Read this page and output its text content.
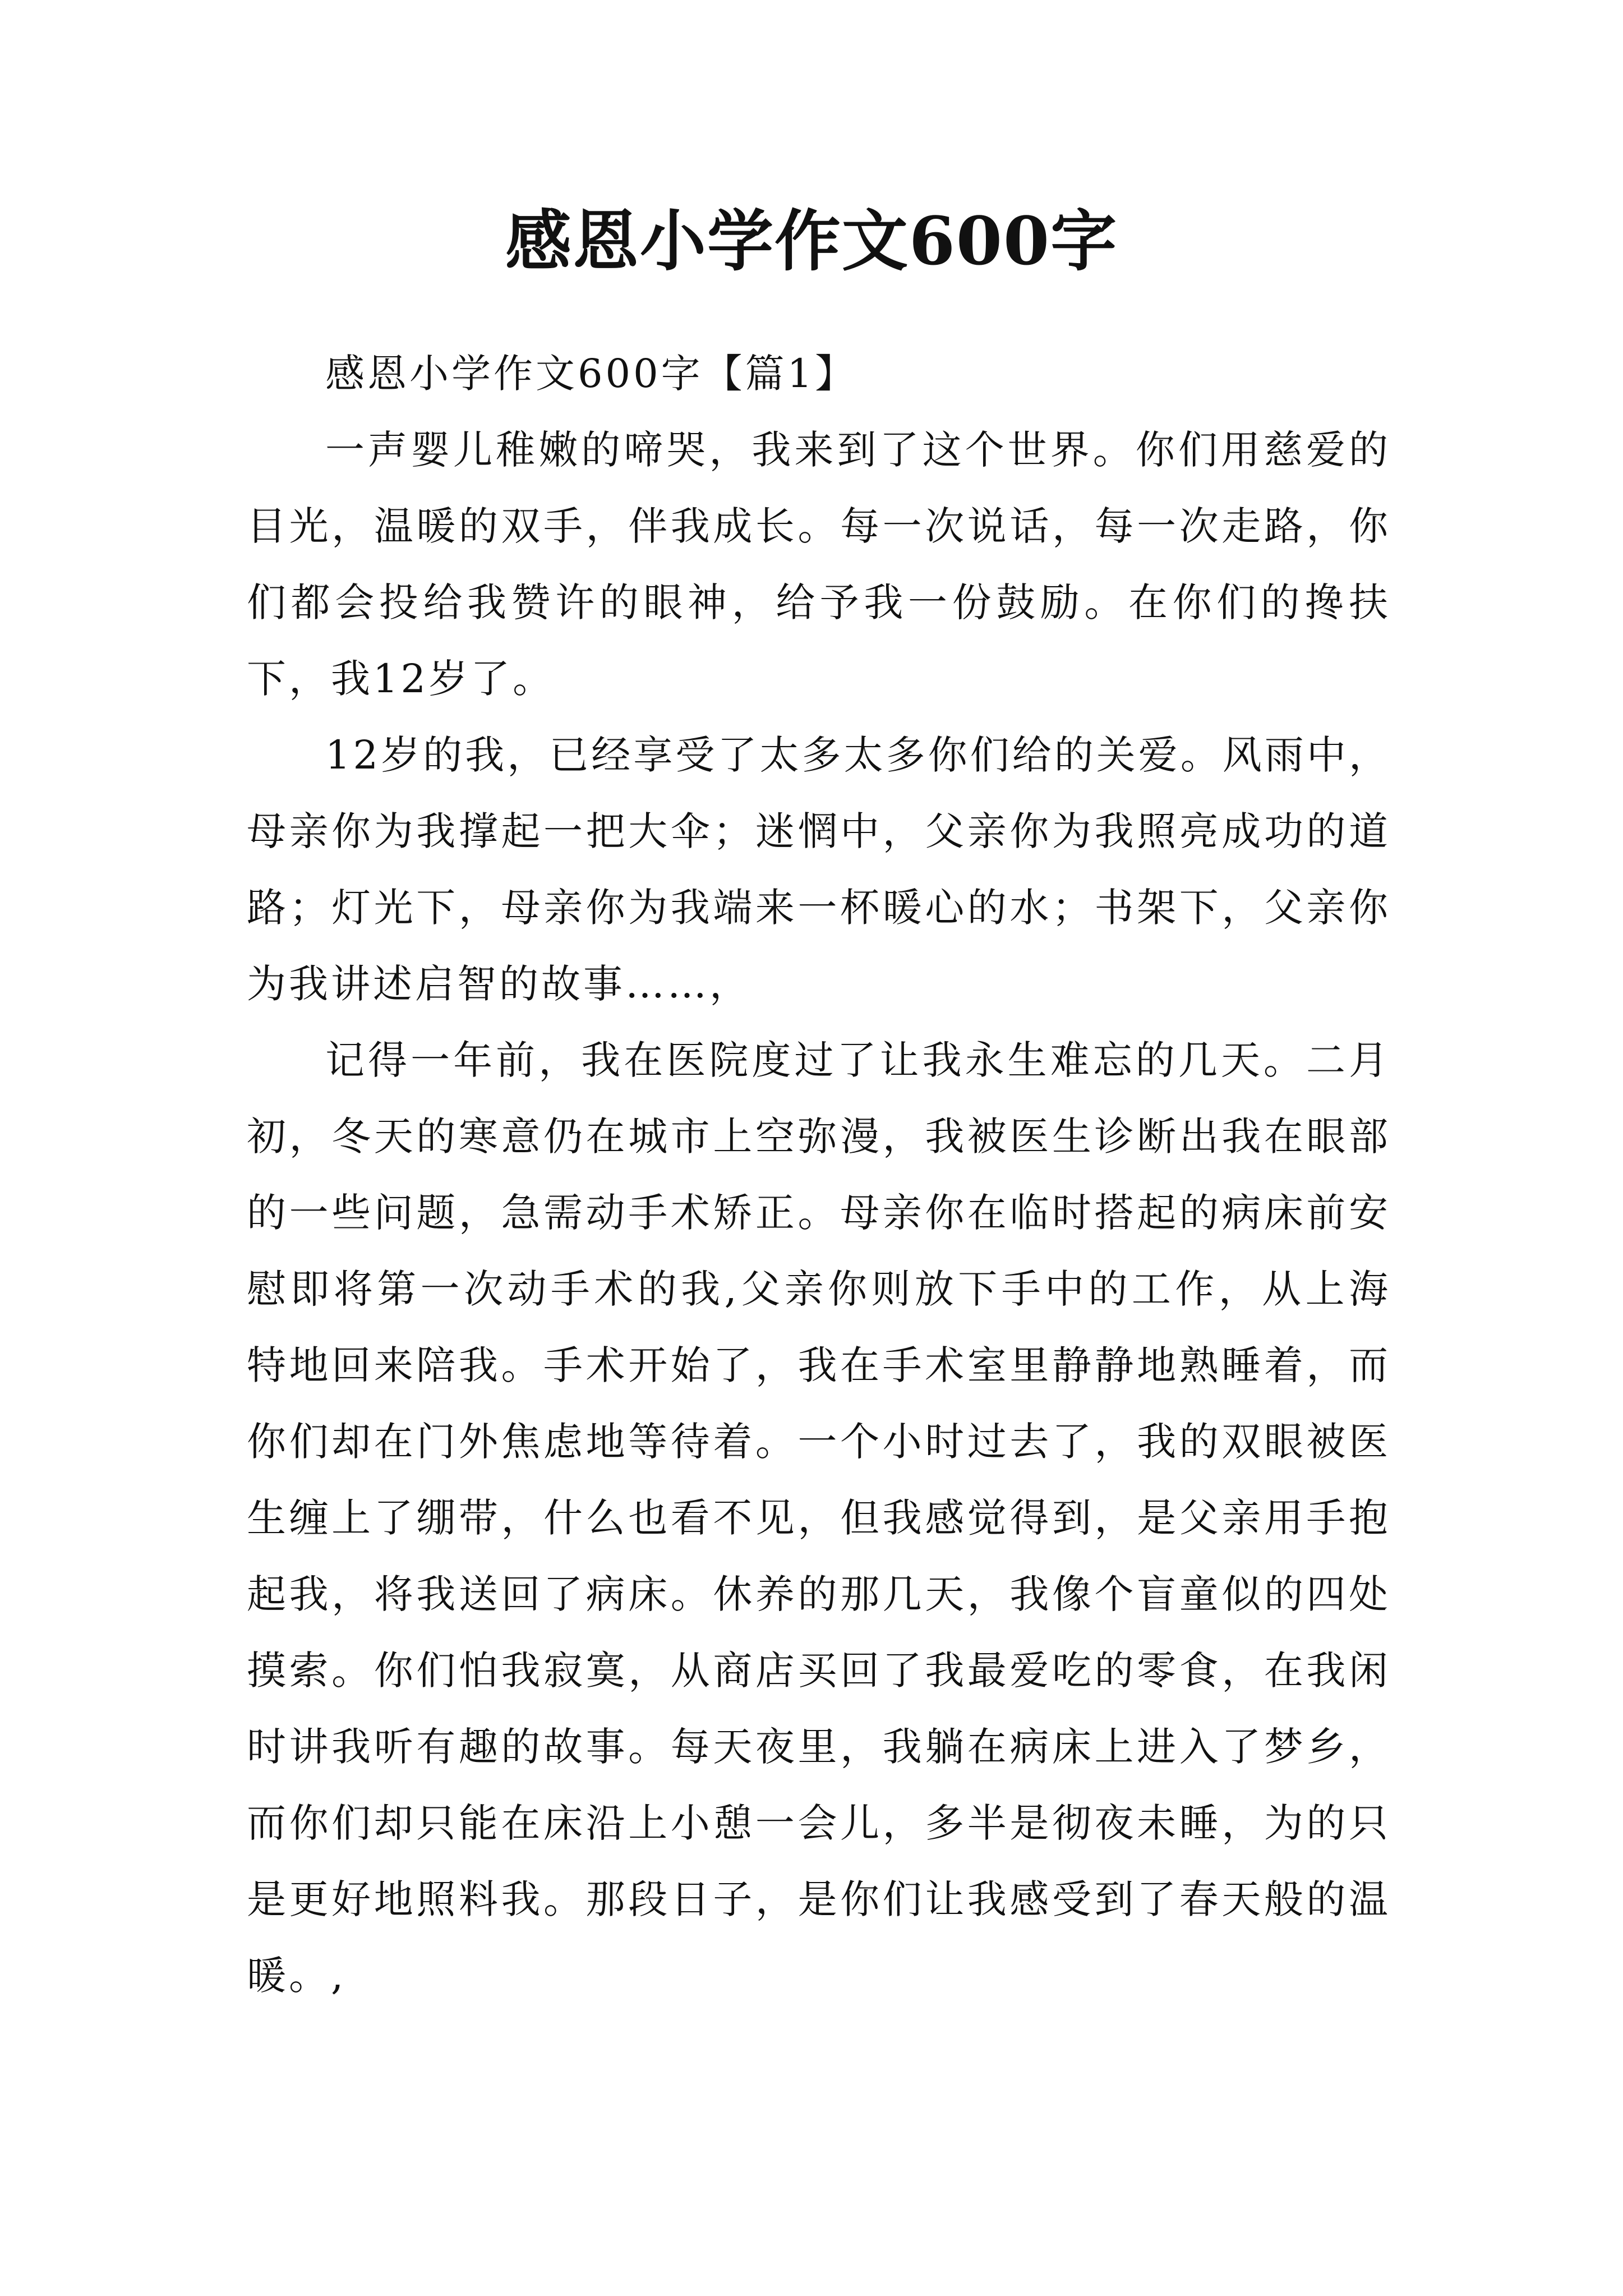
感恩小学作文600字

感恩小学作文600字【篇1】

一声婴儿稚嫩的啼哭，我来到了这个世界。你们用慈爱的目光，温暖的双手，伴我成长。每一次说话，每一次走路，你们都会投给我赞许的眼神，给予我一份鼓励。在你们的搀扶下，我12岁了。

12岁的我，已经享受了太多太多你们给的关爱。风雨中，母亲你为我撑起一把大伞；迷惘中，父亲你为我照亮成功的道路；灯光下，母亲你为我端来一杯暖心的水；书架下，父亲你为我讲述启智的故事……，

记得一年前，我在医院度过了让我永生难忘的几天。二月初，冬天的寒意仍在城市上空弥漫，我被医生诊断出我在眼部的一些问题，急需动手术矫正。母亲你在临时搭起的病床前安慰即将第一次动手术的我,父亲你则放下手中的工作，从上海特地回来陪我。手术开始了，我在手术室里静静地熟睡着，而你们却在门外焦虑地等待着。一个小时过去了，我的双眼被医生缠上了绷带，什么也看不见，但我感觉得到，是父亲用手抱起我，将我送回了病床。休养的那几天，我像个盲童似的四处摸索。你们怕我寂寞，从商店买回了我最爱吃的零食，在我闲时讲我听有趣的故事。每天夜里，我躺在病床上进入了梦乡，而你们却只能在床沿上小憩一会儿，多半是彻夜未睡，为的只是更好地照料我。那段日子，是你们让我感受到了春天般的温暖。,
